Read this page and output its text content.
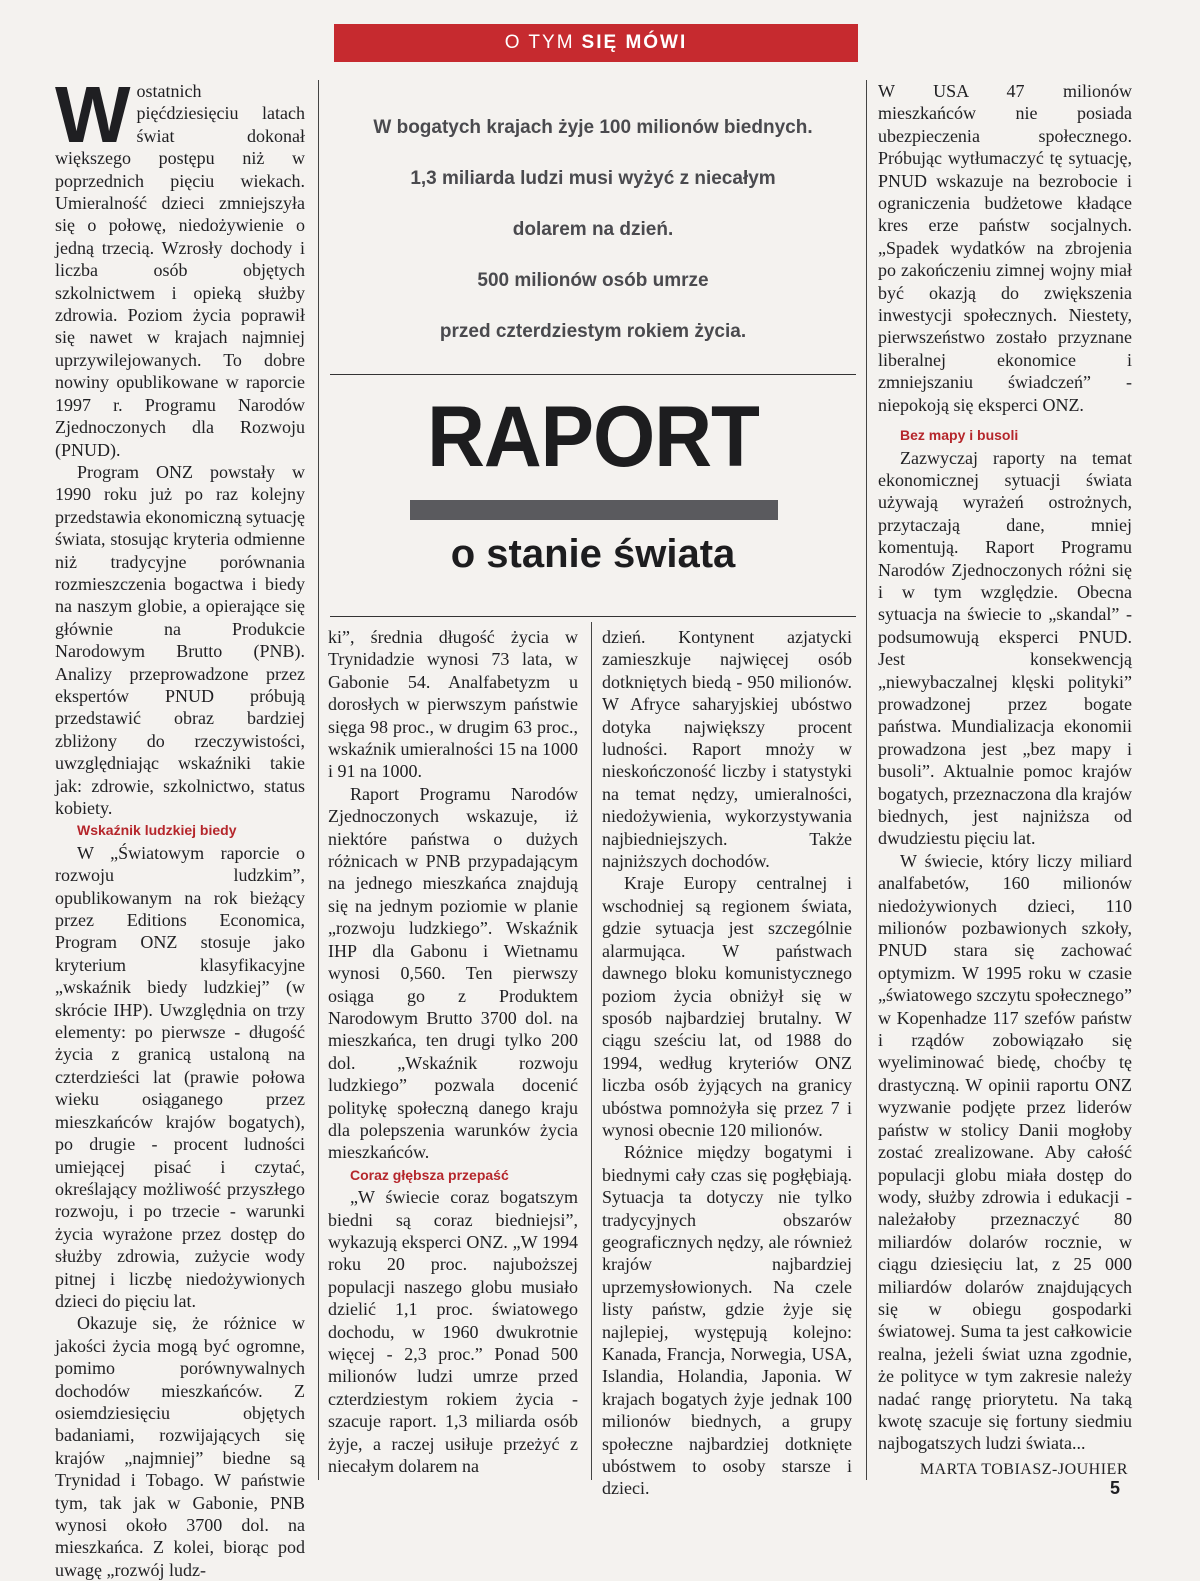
O TYM SIĘ MÓWI
W ostatnich pięćdziesięciu latach świat dokonał większego postępu niż w poprzednich pięciu wiekach. Umieralność dzieci zmniejszyła się o połowę, niedożywienie o jedną trzecią. Wzrosły dochody i liczba osób objętych szkolnictwem i opieką służby zdrowia. Poziom życia poprawił się nawet w krajach najmniej uprzywilejowanych. To dobre nowiny opublikowane w raporcie 1997 r. Programu Narodów Zjednoczonych dla Rozwoju (PNUD).

Program ONZ powstały w 1990 roku już po raz kolejny przedstawia ekonomiczną sytuację świata, stosując kryteria odmienne niż tradycyjne porównania rozmieszczenia bogactwa i biedy na naszym globie, a opierające się głównie na Produkcie Narodowym Brutto (PNB). Analizy przeprowadzone przez ekspertów PNUD próbują przedstawić obraz bardziej zbliżony do rzeczywistości, uwzględniając wskaźniki takie jak: zdrowie, szkolnictwo, status kobiety.

Wskaźnik ludzkiej biedy

W „Światowym raporcie o rozwoju ludzkim”, opublikowanym na rok bieżący przez Editions Economica, Program ONZ stosuje jako kryterium klasyfikacyjne „wskaźnik biedy ludzkiej” (w skrócie IHP). Uwzględnia on trzy elementy: po pierwsze - długość życia z granicą ustaloną na czterdzieści lat (prawie połowa wieku osiąganego przez mieszkańców krajów bogatych), po drugie - procent ludności umiejącej pisać i czytać, określający możliwość przyszłego rozwoju, i po trzecie - warunki życia wyrażone przez dostęp do służby zdrowia, zużycie wody pitnej i liczbę niedożywionych dzieci do pięciu lat.

Okazuje się, że różnice w jakości życia mogą być ogromne, pomimo porównywalnych dochodów mieszkańców. Z osiemdziesięciu objętych badaniami, rozwijających się krajów „najmniej” biedne są Trynidad i Tobago. W państwie tym, tak jak w Gabonie, PNB wynosi około 3700 dol. na mieszkańca. Z kolei, biorąc pod uwagę „rozwój ludz-

W bogatych krajach żyje 100 milionów biednych.
1,3 miliarda ludzi musi wyżyć z niecałym
dolarem na dzień.
500 milionów osób umrze
przed czterdziestym rokiem życia.
RAPORT
o stanie świata

ki”, średnia długość życia w Trynidadzie wynosi 73 lata, w Gabonie 54. Analfabetyzm u dorosłych w pierwszym państwie sięga 98 proc., w drugim 63 proc., wskaźnik umieralności 15 na 1000 i 91 na 1000.

Raport Programu Narodów Zjednoczonych wskazuje, iż niektóre państwa o dużych różnicach w PNB przypadającym na jednego mieszkańca znajdują się na jednym poziomie w planie „rozwoju ludzkiego”. Wskaźnik IHP dla Gabonu i Wietnamu wynosi 0,560. Ten pierwszy osiąga go z Produktem Narodowym Brutto 3700 dol. na mieszkańca, ten drugi tylko 200 dol. „Wskaźnik rozwoju ludzkiego” pozwala docenić politykę społeczną danego kraju dla polepszenia warunków życia mieszkańców.

Coraz głębsza przepaść

„W świecie coraz bogatszym biedni są coraz biedniejsi”, wykazują eksperci ONZ. „W 1994 roku 20 proc. najuboższej populacji naszego globu musiało dzielić 1,1 proc. światowego dochodu, w 1960 dwukrotnie więcej - 2,3 proc.” Ponad 500 milionów ludzi umrze przed czterdziestym rokiem życia - szacuje raport. 1,3 miliarda osób żyje, a raczej usiłuje przeżyć z niecałym dolarem na

dzień. Kontynent azjatycki zamieszkuje najwięcej osób dotkniętych biedą - 950 milionów. W Afryce saharyjskiej ubóstwo dotyka największy procent ludności. Raport mnoży w nieskończoność liczby i statystyki na temat nędzy, umieralności, niedożywienia, wykorzystywania najbiedniejszych. Także najniższych dochodów.

Kraje Europy centralnej i wschodniej są regionem świata, gdzie sytuacja jest szczególnie alarmująca. W państwach dawnego bloku komunistycznego poziom życia obniżył się w sposób najbardziej brutalny. W ciągu sześciu lat, od 1988 do 1994, według kryteriów ONZ liczba osób żyjących na granicy ubóstwa pomnożyła się przez 7 i wynosi obecnie 120 milionów.

Różnice między bogatymi i biednymi cały czas się pogłębiają. Sytuacja ta dotyczy nie tylko tradycyjnych obszarów geograficznych nędzy, ale również krajów najbardziej uprzemysłowionych. Na czele listy państw, gdzie żyje się najlepiej, występują kolejno: Kanada, Francja, Norwegia, USA, Islandia, Holandia, Japonia. W krajach bogatych żyje jednak 100 milionów biednych, a grupy społeczne najbardziej dotknięte ubóstwem to osoby starsze i dzieci.

W USA 47 milionów mieszkańców nie posiada ubezpieczenia społecznego. Próbując wytłumaczyć tę sytuację, PNUD wskazuje na bezrobocie i ograniczenia budżetowe kładące kres erze państw socjalnych. „Spadek wydatków na zbrojenia po zakończeniu zimnej wojny miał być okazją do zwiększenia inwestycji społecznych. Niestety, pierwszeństwo zostało przyznane liberalnej ekonomice i zmniejszaniu świadczeń” - niepokoją się eksperci ONZ.

Bez mapy i busoli

Zazwyczaj raporty na temat ekonomicznej sytuacji świata używają wyrażeń ostrożnych, przytaczają dane, mniej komentują. Raport Programu Narodów Zjednoczonych różni się i w tym względzie. Obecna sytuacja na świecie to „skandal” - podsumowują eksperci PNUD. Jest konsekwencją „niewybaczalnej klęski polityki” prowadzonej przez bogate państwa. Mundializacja ekonomii prowadzona jest „bez mapy i busoli”. Aktualnie pomoc krajów bogatych, przeznaczona dla krajów biednych, jest najniższa od dwudziestu pięciu lat.

W świecie, który liczy miliard analfabetów, 160 milionów niedożywionych dzieci, 110 milionów pozbawionych szkoły, PNUD stara się zachować optymizm. W 1995 roku w czasie „światowego szczytu społecznego” w Kopenhadze 117 szefów państw i rządów zobowiązało się wyeliminować biedę, choćby tę drastyczną. W opinii raportu ONZ wyzwanie podjęte przez liderów państw w stolicy Danii mogłoby zostać zrealizowane. Aby całość populacji globu miała dostęp do wody, służby zdrowia i edukacji - należałoby przeznaczyć 80 miliardów dolarów rocznie, w ciągu dziesięciu lat, z 25 000 miliardów dolarów znajdujących się w obiegu gospodarki światowej. Suma ta jest całkowicie realna, jeżeli świat uzna zgodnie, że polityce w tym zakresie należy nadać rangę priorytetu. Na taką kwotę szacuje się fortuny siedmiu najbogatszych ludzi świata...

MARTA TOBIASZ-JOUHIER
5
